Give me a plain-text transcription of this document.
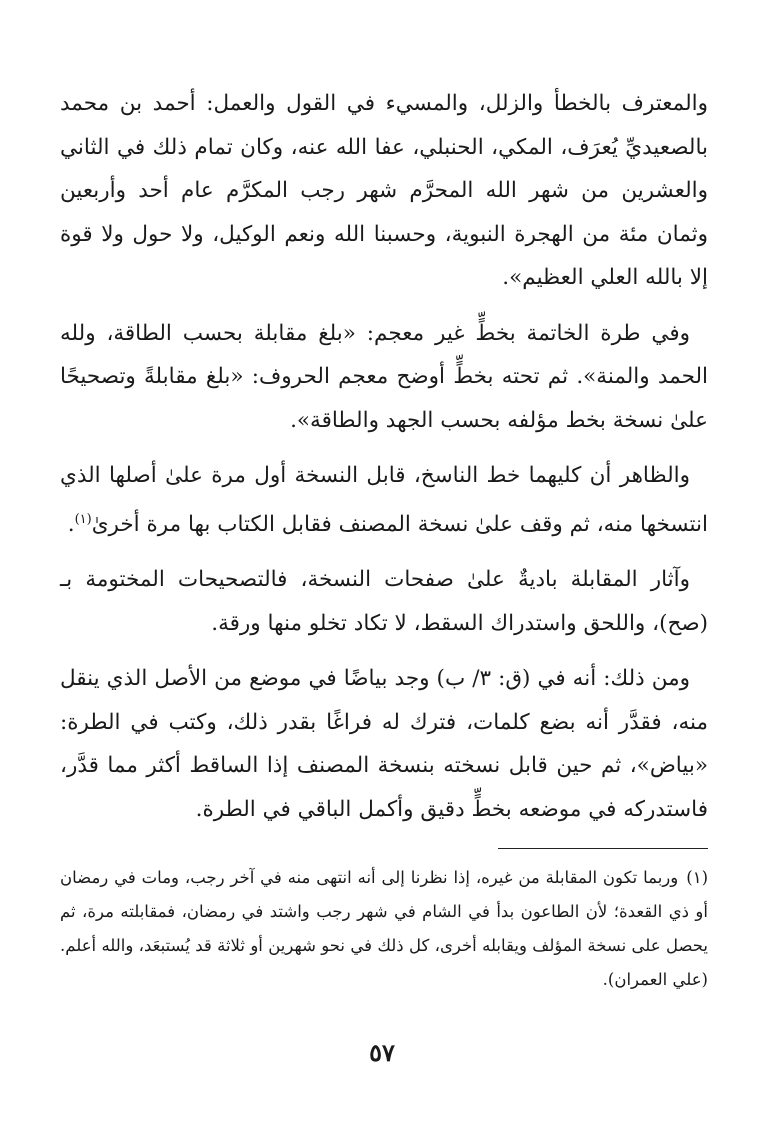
والمعترف بالخطأ والزلل، والمسيء في القول والعمل: أحمد بن محمد بالصعيديِّ يُعرَف، المكي، الحنبلي، عفا الله عنه، وكان تمام ذلك في الثاني والعشرين من شهر الله المحرَّم شهر رجب المكرَّم عام أحد وأربعين وثمان مئة من الهجرة النبوية، وحسبنا الله ونعم الوكيل، ولا حول ولا قوة إلا بالله العلي العظيم».

وفي طرة الخاتمة بخطٍّ غير معجم: «بلغ مقابلة بحسب الطاقة، ولله الحمد والمنة». ثم تحته بخطٍّ أوضح معجم الحروف: «بلغ مقابلةً وتصحيحًا علىٰ نسخة بخط مؤلفه بحسب الجهد والطاقة».

والظاهر أن كليهما خط الناسخ، قابل النسخة أول مرة علىٰ أصلها الذي انتسخها منه، ثم وقف علىٰ نسخة المصنف فقابل الكتاب بها مرة أخرىٰ$^{(١)}$.

وآثار المقابلة باديةٌ علىٰ صفحات النسخة، فالتصحيحات المختومة بـ (صح)، واللحق واستدراك السقط، لا تكاد تخلو منها ورقة.

ومن ذلك: أنه في (ق: ٣/ ب) وجد بياضًا في موضع من الأصل الذي ينقل منه، فقدَّر أنه بضع كلمات، فترك له فراغًا بقدر ذلك، وكتب في الطرة: «بياض»، ثم حين قابل نسخته بنسخة المصنف إذا الساقط أكثر مما قدَّر، فاستدركه في موضعه بخطٍّ دقيق وأكمل الباقي في الطرة.

(١)وربما تكون المقابلة من غيره، إذا نظرنا إلى أنه انتهى منه في آخر رجب، ومات في رمضان أو ذي القعدة؛ لأن الطاعون بدأ في الشام في شهر رجب واشتد في رمضان، فمقابلته مرة، ثم يحصل على نسخة المؤلف ويقابله أخرى، كل ذلك في نحو شهرين أو ثلاثة قد يُستبعَد، والله أعلم. (علي العمران).

٥٧
